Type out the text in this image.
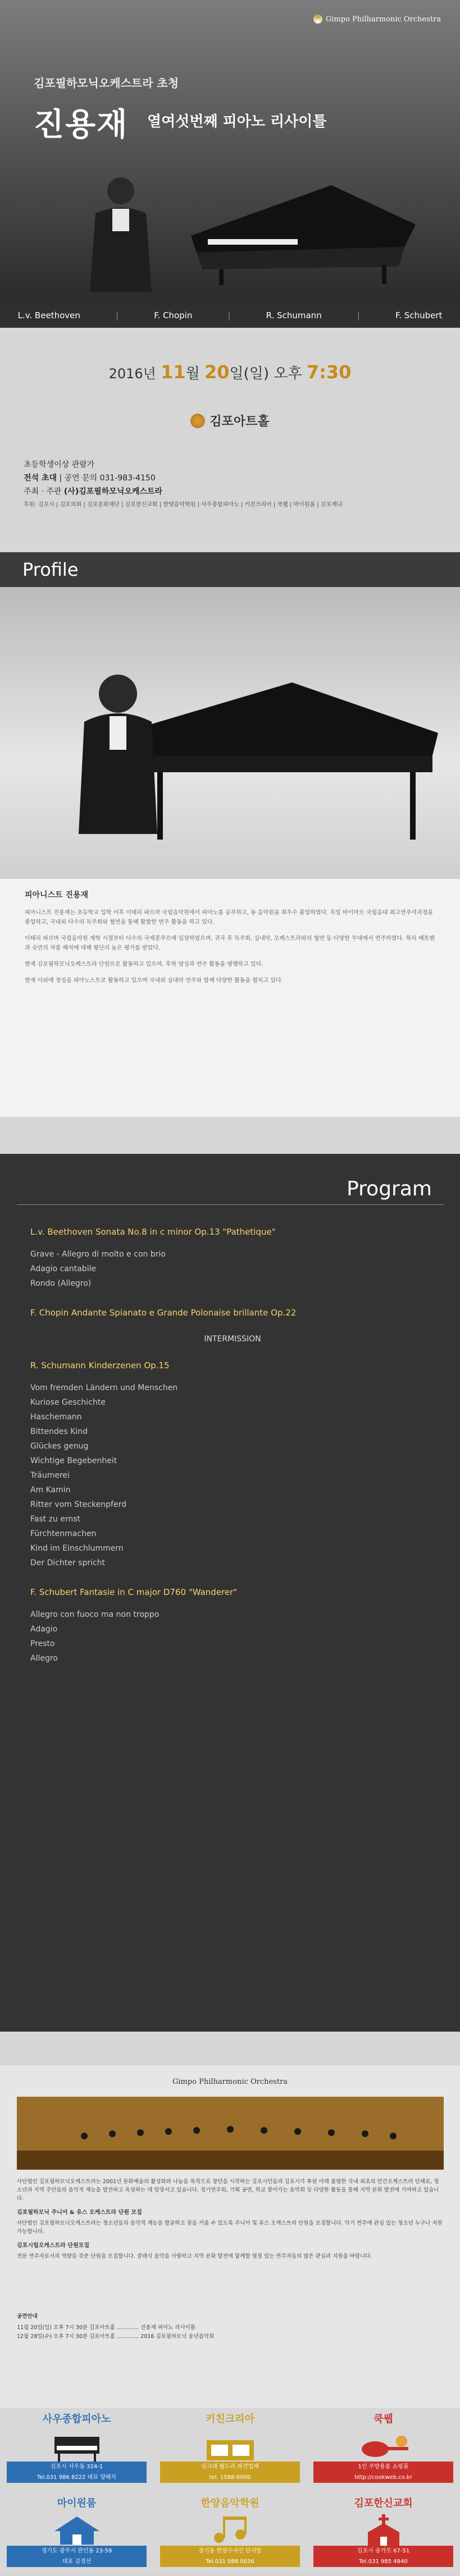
Gimpo Philharmonic Orchestra
김포필하모닉오케스트라 초청
진용재 열여섯번째 피아노 리사이틀
L.v. Beethoven	|	F. Chopin	|	R. Schumann	|	F. Schubert
2016년 11월 20일(일) 오후 7:30
김포아트홀
초등학생이상 관람가
전석 초대 | 공연 문의 031-983-4150
주최 · 주관 (사)김포필하모닉오케스트라
후원: 김포시 | 김포의회 | 김포문화재단 | 김포한신교회 | 한양음악학원 | 사우종합피아노 | 키친크리아 | 쿡웹 | 마이원룸 | 김포제냐
Profile
피아니스트 진용재

피아니스트 진용재는 초등학교 입학 이후 이태리 파르마 국립음악원에서 피아노를 공부하고, 동 음악원을 최우수 졸업하였다. 독일 바이마르 국립음대 최고연주자과정을 졸업하고, 국내외 다수의 독주회와 협연을 통해 활발한 연주 활동을 하고 있다.

이태리 파르마 국립음악원 재학 시절부터 다수의 국제콩쿠르에 입상하였으며, 귀국 후 독주회, 실내악, 오케스트라와의 협연 등 다양한 무대에서 연주하였다. 특히 베토벤과 슈만의 작품 해석에 대해 평단의 높은 평가를 받았다.

현재 김포필하모닉오케스트라 단원으로 활동하고 있으며, 후학 양성과 연주 활동을 병행하고 있다.

현재 이외에 정성을 피아노스트로 활동하고 있으며 국내외 실내악 연주와 함께 다양한 활동을 펼치고 있다.

Program
L.v. Beethoven Sonata No.8 in c minor Op.13 "Pathetique"
Grave - Allegro di molto e con brio
Adagio cantabile
Rondo (Allegro)
F. Chopin Andante Spianato e Grande Polonaise brillante Op.22
INTERMISSION
R. Schumann Kinderzenen Op.15
Vom fremden Ländern und Menschen
Kuriose Geschichte
Haschemann
Bittendes Kind
Glückes genug
Wichtige Begebenheit
Träumerei
Am Kamin
Ritter vom Steckenpferd
Fast zu ernst
Fürchtenmachen
Kind im Einschlummern
Der Dichter spricht
F. Schubert Fantasie in C major D760 "Wanderer"
Allegro con fuoco ma non troppo
Adagio
Presto
Allegro
Gimpo Philharmonic Orchestra

사단법인 김포필하모닉오케스트라는 2001년 문화예술의 활성화와 나눔을 목적으로 창단을 시작하는 김포시민들과 김포시가 후원 아래 출범한 국내 최초의 민간오케스트라 단체로, 청소년과 지역 주민들의 음악적 재능을 발견하고 육성하는 데 앞장서고 있습니다. 정기연주회, 기획 공연, 학교 찾아가는 음악회 등 다양한 활동을 통해 지역 문화 발전에 기여하고 있습니다.

김포필하모닉 주니어 & 유스 오케스트라 단원 모집

사단법인 김포필하모닉오케스트라는 청소년들의 음악적 재능을 발굴하고 꿈을 키울 수 있도록 주니어 및 유스 오케스트라 단원을 모집합니다. 악기 연주에 관심 있는 청소년 누구나 지원 가능합니다.

김포시립오케스트라 단원모집

전문 연주자로서의 역량을 갖춘 단원을 모집합니다. 클래식 음악을 사랑하고 지역 문화 발전에 함께할 열정 있는 연주자들의 많은 관심과 지원을 바랍니다.

공연안내
11월 20일(일) 오후 7시 30분 김포아트홀 ............. 진용재 피아노 리사이틀
12월 28일(수) 오후 7시 30분 김포아트홀 ............. 2016 김포필하모닉 송년음악회
사우종합피아노
김포시 사우동 324-1
Tel.031 986 8222 대표 양해식
키친크리아
싱크대 월드리 파견업체
tel. 1588-0000
쿡웹
1인 주방용품 쇼핑몰
http://cookweb.co.kr
마이원룸
경기도 광주시 관인동 23-59
대표 김경선
한양음악학원
장기동 한양수자인 단지앞
Tel.031 988 0036
김포한신교회
김포시 송가로 67-51
Tel.031 985 4840
